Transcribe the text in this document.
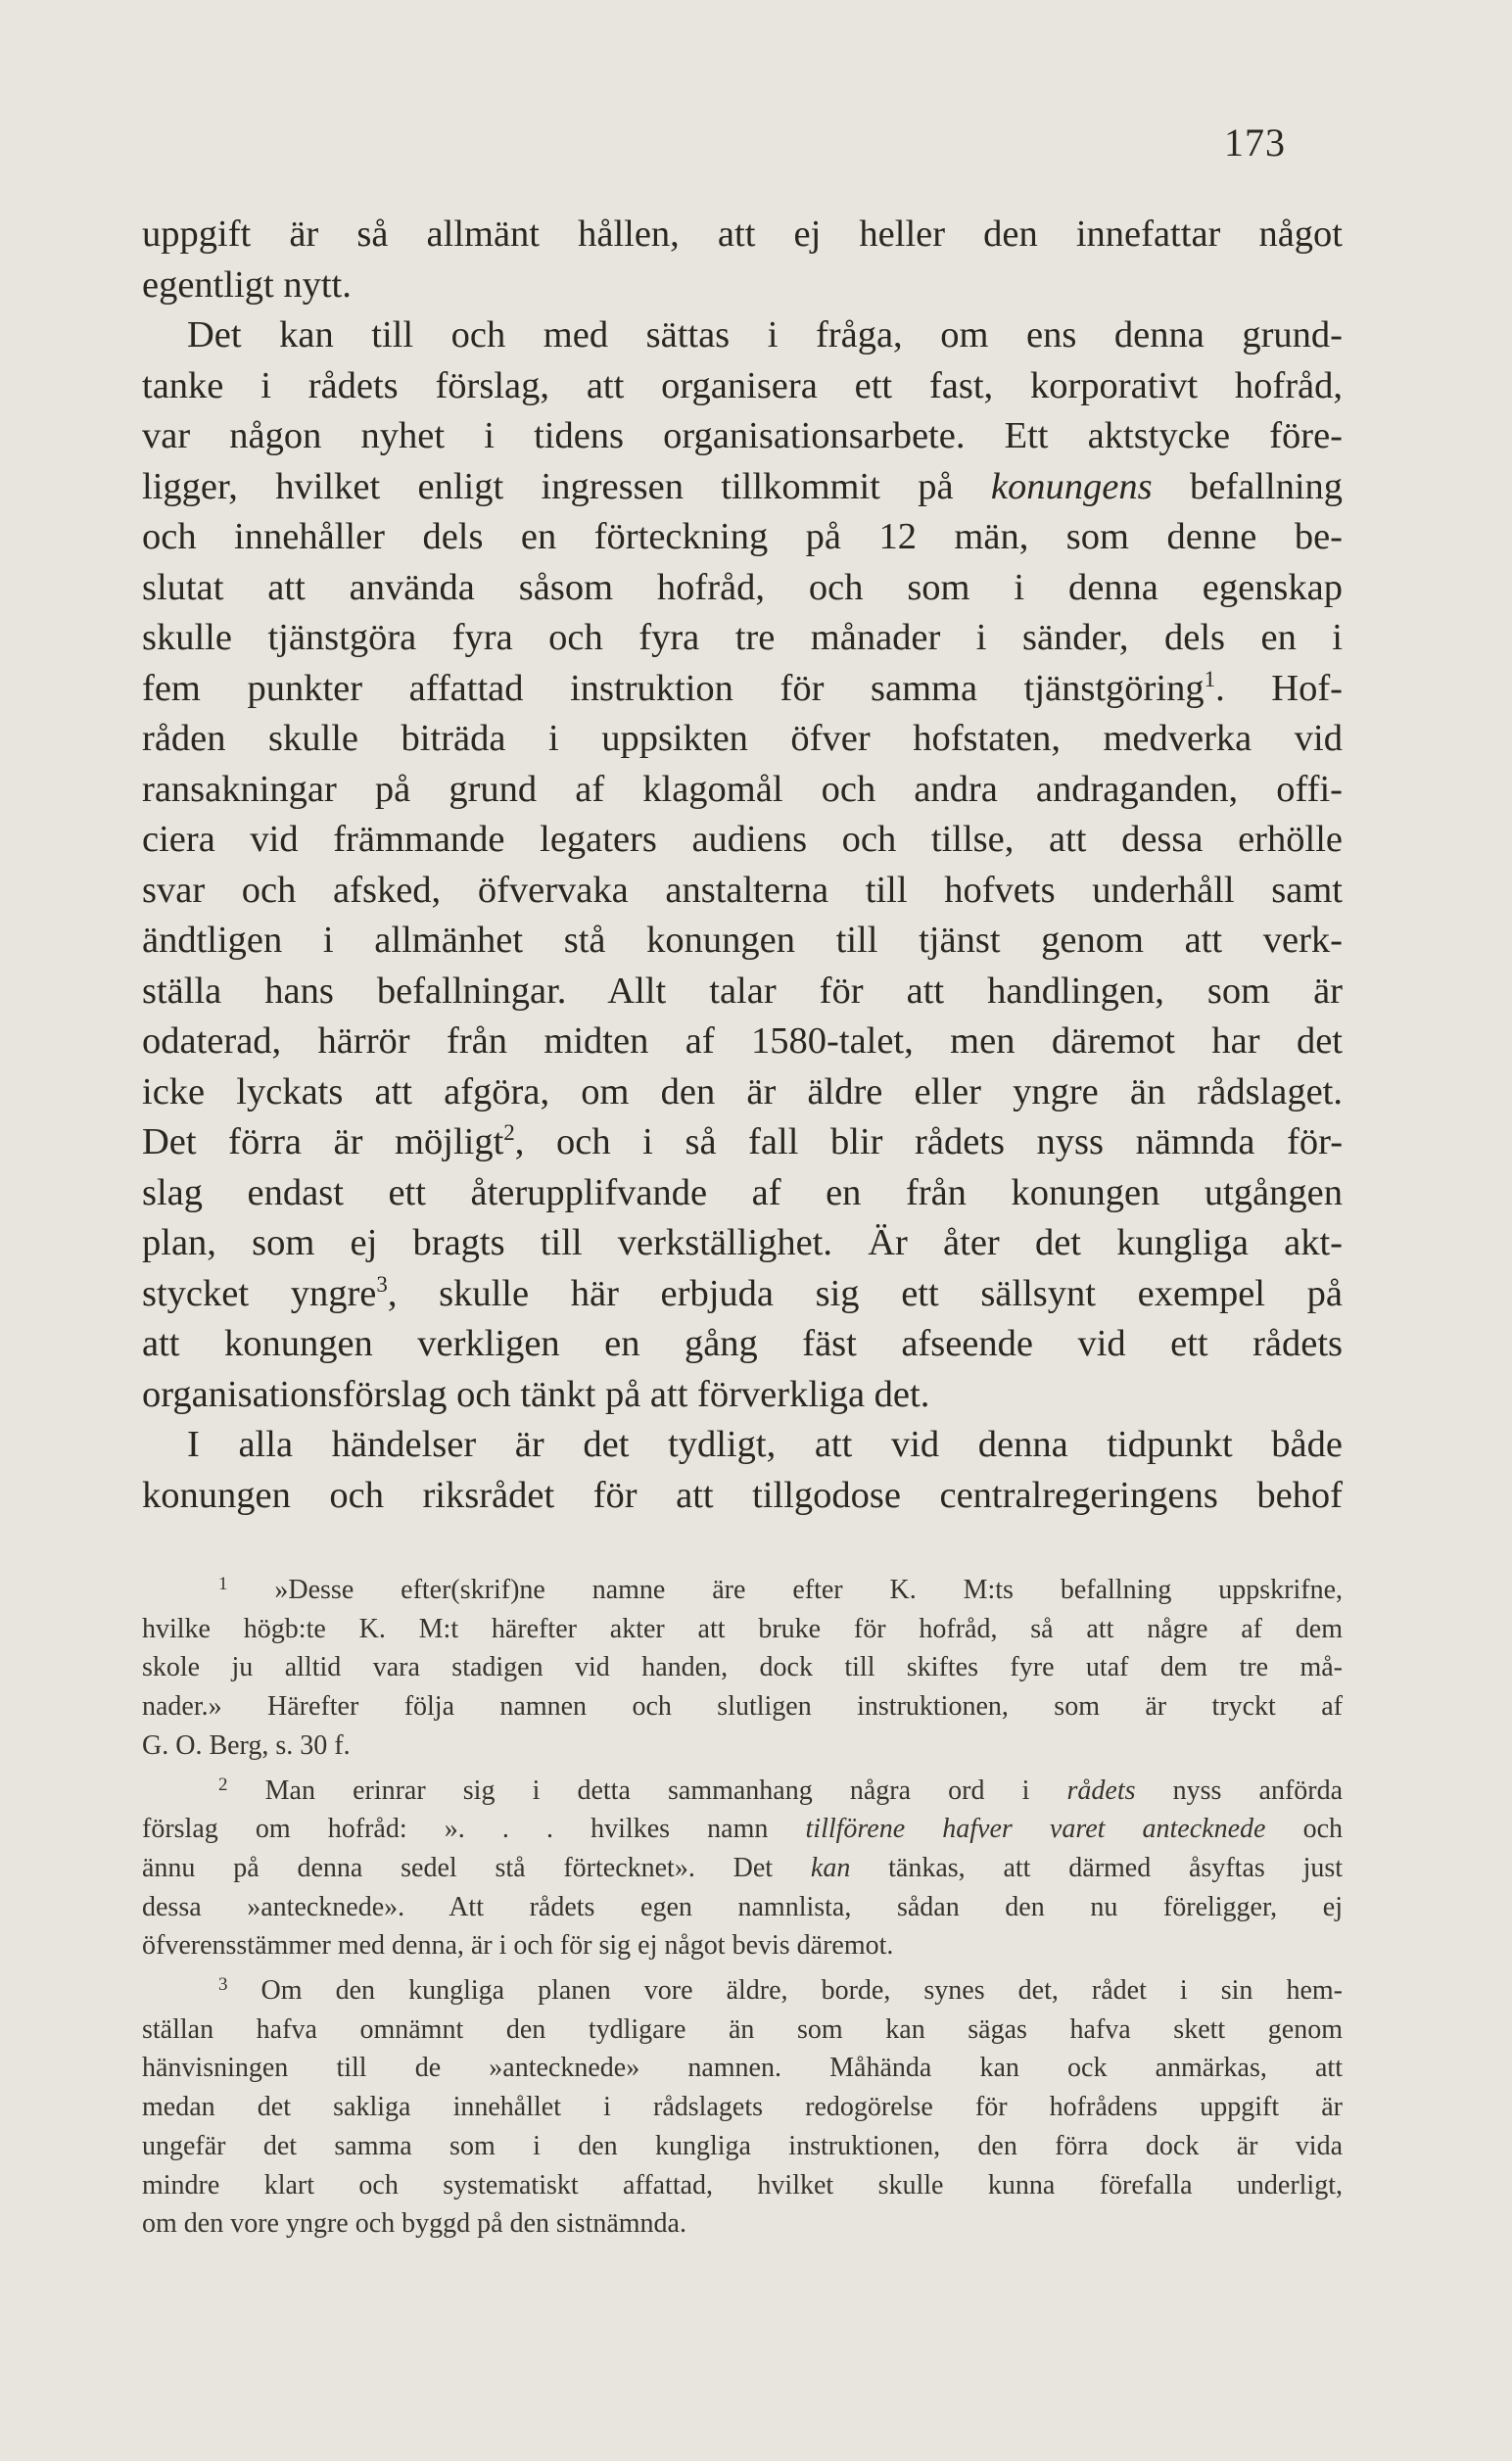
173
uppgift är så allmänt hållen, att ej heller den innefattar något
egentligt nytt.
Det kan till och med sättas i fråga, om ens denna grund-
tanke i rådets förslag, att organisera ett fast, korporativt hofråd,
var någon nyhet i tidens organisationsarbete. Ett aktstycke före-
ligger, hvilket enligt ingressen tillkommit på konungens befallning
och innehåller dels en förteckning på 12 män, som denne be-
slutat att använda såsom hofråd, och som i denna egenskap
skulle tjänstgöra fyra och fyra tre månader i sänder, dels en i
fem punkter affattad instruktion för samma tjänstgöring$^1$. Hof-
råden skulle biträda i uppsikten öfver hofstaten, medverka vid
ransakningar på grund af klagomål och andra andraganden, offi-
ciera vid främmande legaters audiens och tillse, att dessa erhölle
svar och afsked, öfvervaka anstalterna till hofvets underhåll samt
ändtligen i allmänhet stå konungen till tjänst genom att verk-
ställa hans befallningar. Allt talar för att handlingen, som är
odaterad, härrör från midten af 1580-talet, men däremot har det
icke lyckats att afgöra, om den är äldre eller yngre än rådslaget.
Det förra är möjligt$^2$, och i så fall blir rådets nyss nämnda för-
slag endast ett återupplifvande af en från konungen utgången
plan, som ej bragts till verkställighet. Är åter det kungliga akt-
stycket yngre$^3$, skulle här erbjuda sig ett sällsynt exempel på
att konungen verkligen en gång fäst afseende vid ett rådets
organisationsförslag och tänkt på att förverkliga det.
I alla händelser är det tydligt, att vid denna tidpunkt både
konungen och riksrådet för att tillgodose centralregeringens behof
$^1$ »Desse efter(skrif)ne namne äre efter K. M:ts befallning uppskrifne,
hvilke högb:te K. M:t härefter akter att bruke för hofråd, så att någre af dem
skole ju alltid vara stadigen vid handen, dock till skiftes fyre utaf dem tre må-
nader.» Härefter följa namnen och slutligen instruktionen, som är tryckt af
G. O. Berg, s. 30 f.
$^2$ Man erinrar sig i detta sammanhang några ord i rådets nyss anförda
förslag om hofråd: ». . . hvilkes namn tillförene hafver varet antecknede och
ännu på denna sedel stå förtecknet». Det kan tänkas, att därmed åsyftas just
dessa »antecknede». Att rådets egen namnlista, sådan den nu föreligger, ej
öfverensstämmer med denna, är i och för sig ej något bevis däremot.
$^3$ Om den kungliga planen vore äldre, borde, synes det, rådet i sin hem-
ställan hafva omnämnt den tydligare än som kan sägas hafva skett genom
hänvisningen till de »antecknede» namnen. Måhända kan ock anmärkas, att
medan det sakliga innehållet i rådslagets redogörelse för hofrådens uppgift är
ungefär det samma som i den kungliga instruktionen, den förra dock är vida
mindre klart och systematiskt affattad, hvilket skulle kunna förefalla underligt,
om den vore yngre och byggd på den sistnämnda.
